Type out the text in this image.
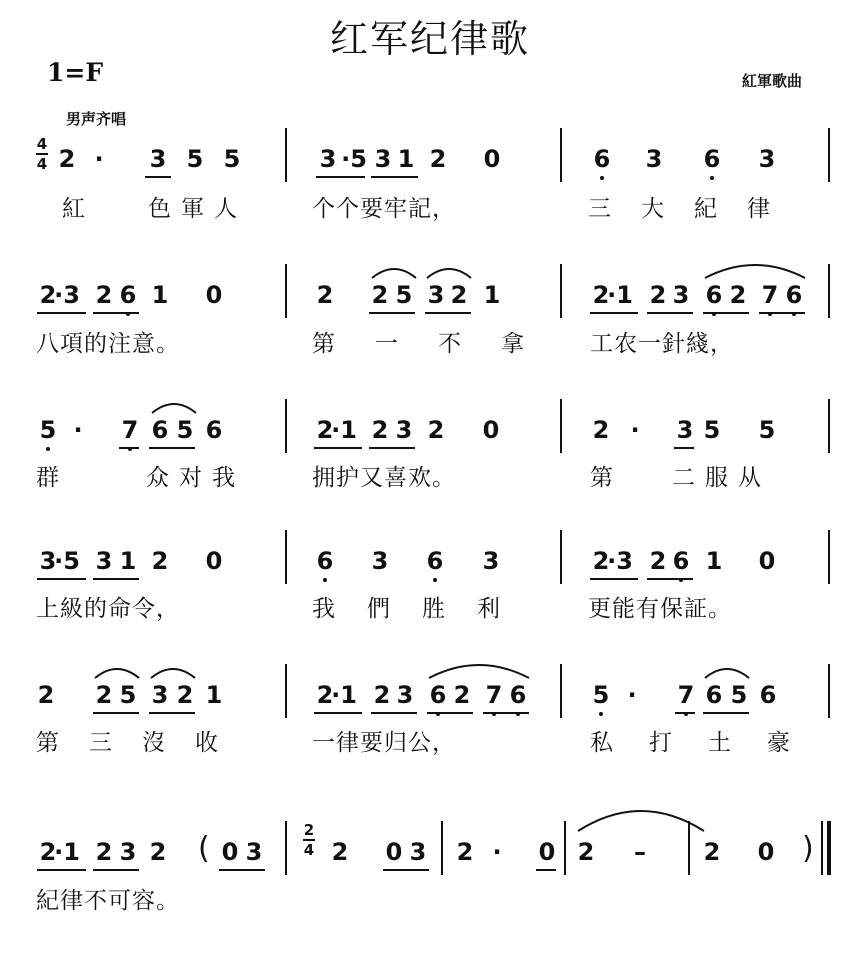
红军纪律歌
1=F	紅軍歌曲
男声齐唱
4
4
2
4
2 · 3 5 5	3 ·5 3 1 2 0	6 3 6 3
紅	色軍人	个个要牢記，	三大紀律
2
·3 2 6 1 0	2 2 5 3 2 1	2
·1 2 3 6 2 7 6
八項的注意。	第一不拿 工农一針綫，
5 · 7 6 5 6	2
·1 2 3 2 0	2 · 3 5 5
群	众对我	拥护又喜欢。	第	二服从
3
·5 3 1 2 0	6 3 6 3	2
·3 2 6 1 0
上級的命令，	我們胜利 更能有保証。
2 2 5 3 2 1	2
·1 2 3 6 2 7 6	5 · 7 6 5 6
第三沒收	一律要归公，	私打土豪
2
·1 2 3 2 ( 0 3	2 0 3 2 · 0 2 – 2 0 )
紀律不可容。
